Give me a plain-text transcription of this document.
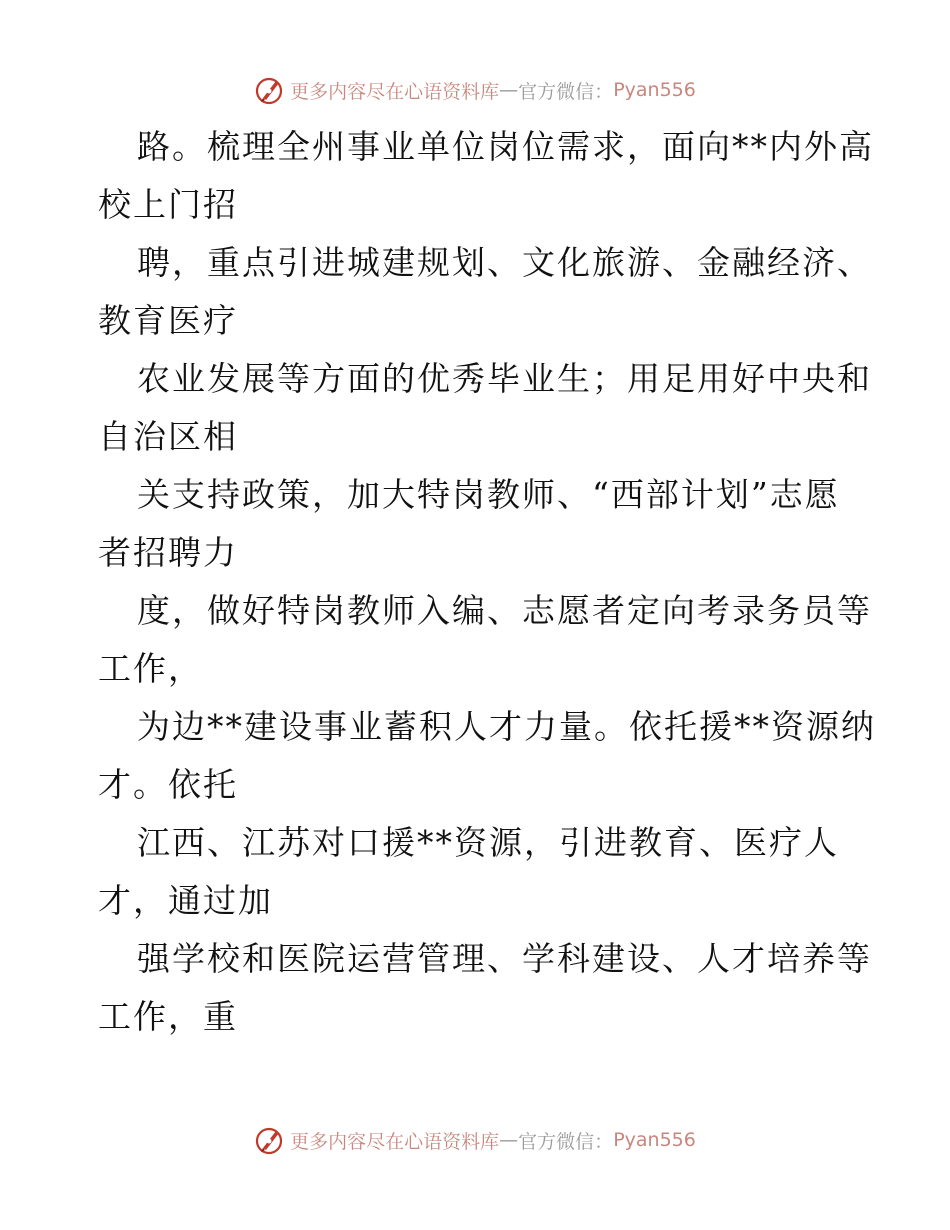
更多内容尽在心语资料库 — 官方微信： Pyan556
路。梳理全州事业单位岗位需求，面向**内外高
校上门招
聘，重点引进城建规划、文化旅游、金融经济、
教育医疗
农业发展等方面的优秀毕业生；用足用好中央和
自治区相
关支持政策，加大特岗教师、“西部计划”志愿
者招聘力
度，做好特岗教师入编、志愿者定向考录务员等
工作，
为边**建设事业蓄积人才力量。依托援**资源纳
才。依托
江西、江苏对口援**资源，引进教育、医疗人
才，通过加
强学校和医院运营管理、学科建设、人才培养等
工作，重
更多内容尽在心语资料库 — 官方微信： Pyan556
